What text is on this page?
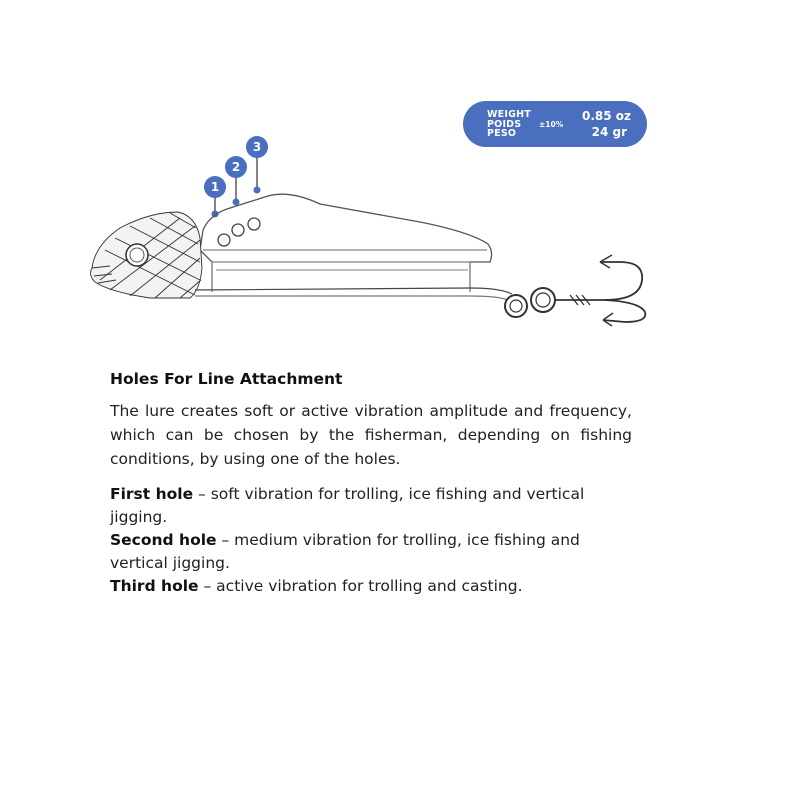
WEIGHT
POIDS
PESO
±10%
0.85 oz
24 gr
1
2
3
Holes For Line Attachment
The lure creates soft or active vibration amplitude and frequency, which can be chosen by the fisherman, depending on fishing conditions, by using one of the holes.
First hole – soft vibration for trolling, ice fishing and vertical jigging.
Second hole – medium vibration for trolling, ice fishing and vertical jigging.
Third hole – active vibration for trolling and casting.
